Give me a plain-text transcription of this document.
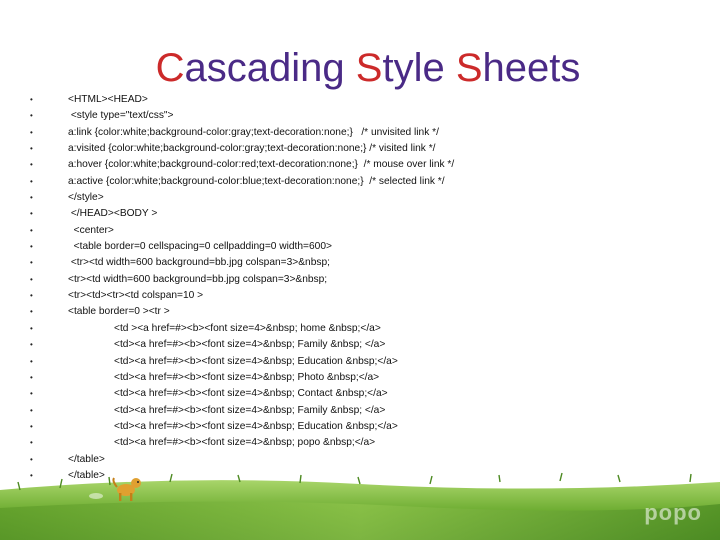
Cascading Style Sheets
•	<HTML><HEAD>
•	<style type="text/css">
•	a:link {color:white;background-color:gray;text-decoration:none;}   /* unvisited link */
•	a:visited {color:white;background-color:gray;text-decoration:none;} /* visited link */
•	a:hover {color:white;background-color:red;text-decoration:none;}  /* mouse over link */
•	a:active {color:white;background-color:blue;text-decoration:none;}  /* selected link */
•	</style>
•	</HEAD><BODY >
•	<center>
•	<table border=0 cellspacing=0 cellpadding=0 width=600>
•	<tr><td width=600 background=bb.jpg colspan=3>&nbsp;
•	<tr><td width=600 background=bb.jpg colspan=3>&nbsp;
•	<tr><td><tr><td colspan=10 >
•	<table border=0 ><tr >
•	<td ><a href=#><b><font size=4>&nbsp; home &nbsp;</a>
•	<td><a href=#><b><font size=4>&nbsp; Family &nbsp; </a>
•	<td><a href=#><b><font size=4>&nbsp; Education &nbsp;</a>
•	<td><a href=#><b><font size=4>&nbsp; Photo &nbsp;</a>
•	<td><a href=#><b><font size=4>&nbsp; Contact &nbsp;</a>
•	<td><a href=#><b><font size=4>&nbsp; Family &nbsp; </a>
•	<td><a href=#><b><font size=4>&nbsp; Education &nbsp;</a>
•	<td><a href=#><b><font size=4>&nbsp; popo &nbsp;</a>
•	</table>
•	</table>
popo
